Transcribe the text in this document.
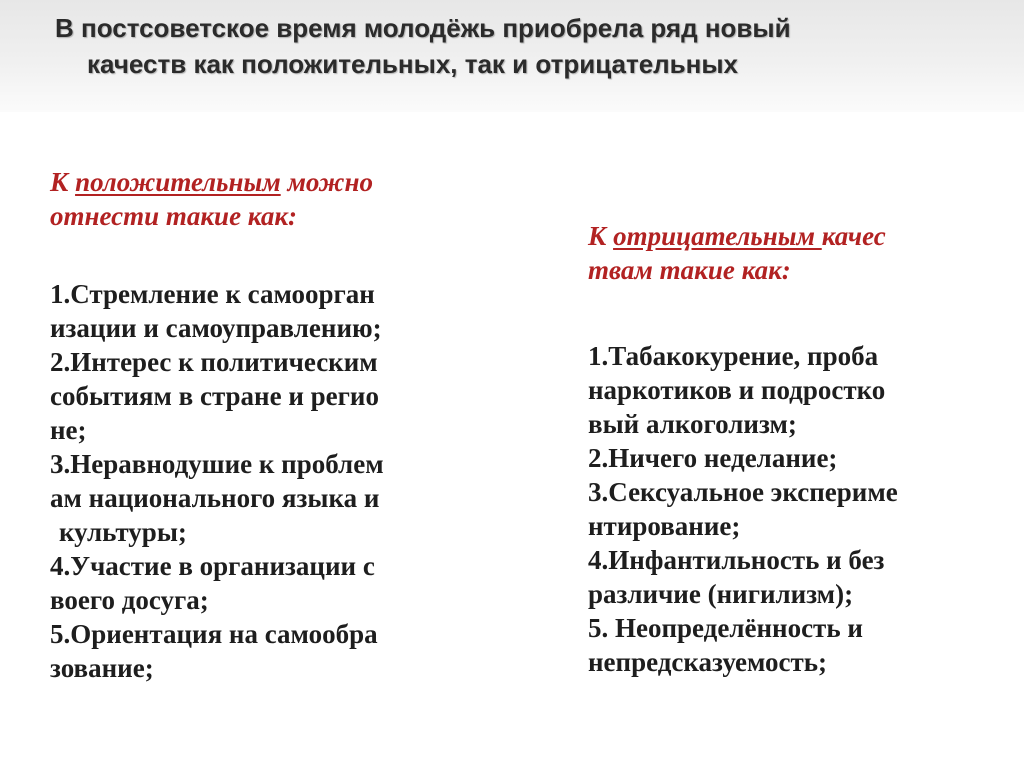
В постсоветское время молодёжь приобрела ряд новый
качеств как положительных, так и отрицательных

К положительным можно
отнести такие как:

1.Стремление к самоорган
изации и самоуправлению;
2.Интерес к политическим
событиям в стране и регио
не;
3.Неравнодушие к проблем
ам национального языка и
культуры;
4.Участие в организации с
воего досуга;
5.Ориентация на самообра
зование;

К отрицательным качес
твам такие как:

1.Табакокурение, проба
наркотиков и подростко
вый алкоголизм;
2.Ничего неделание;
3.Сексуальное экспериме
нтирование;
4.Инфантильность и без
различие (нигилизм);
5. Неопределённость и
непредсказуемость;
